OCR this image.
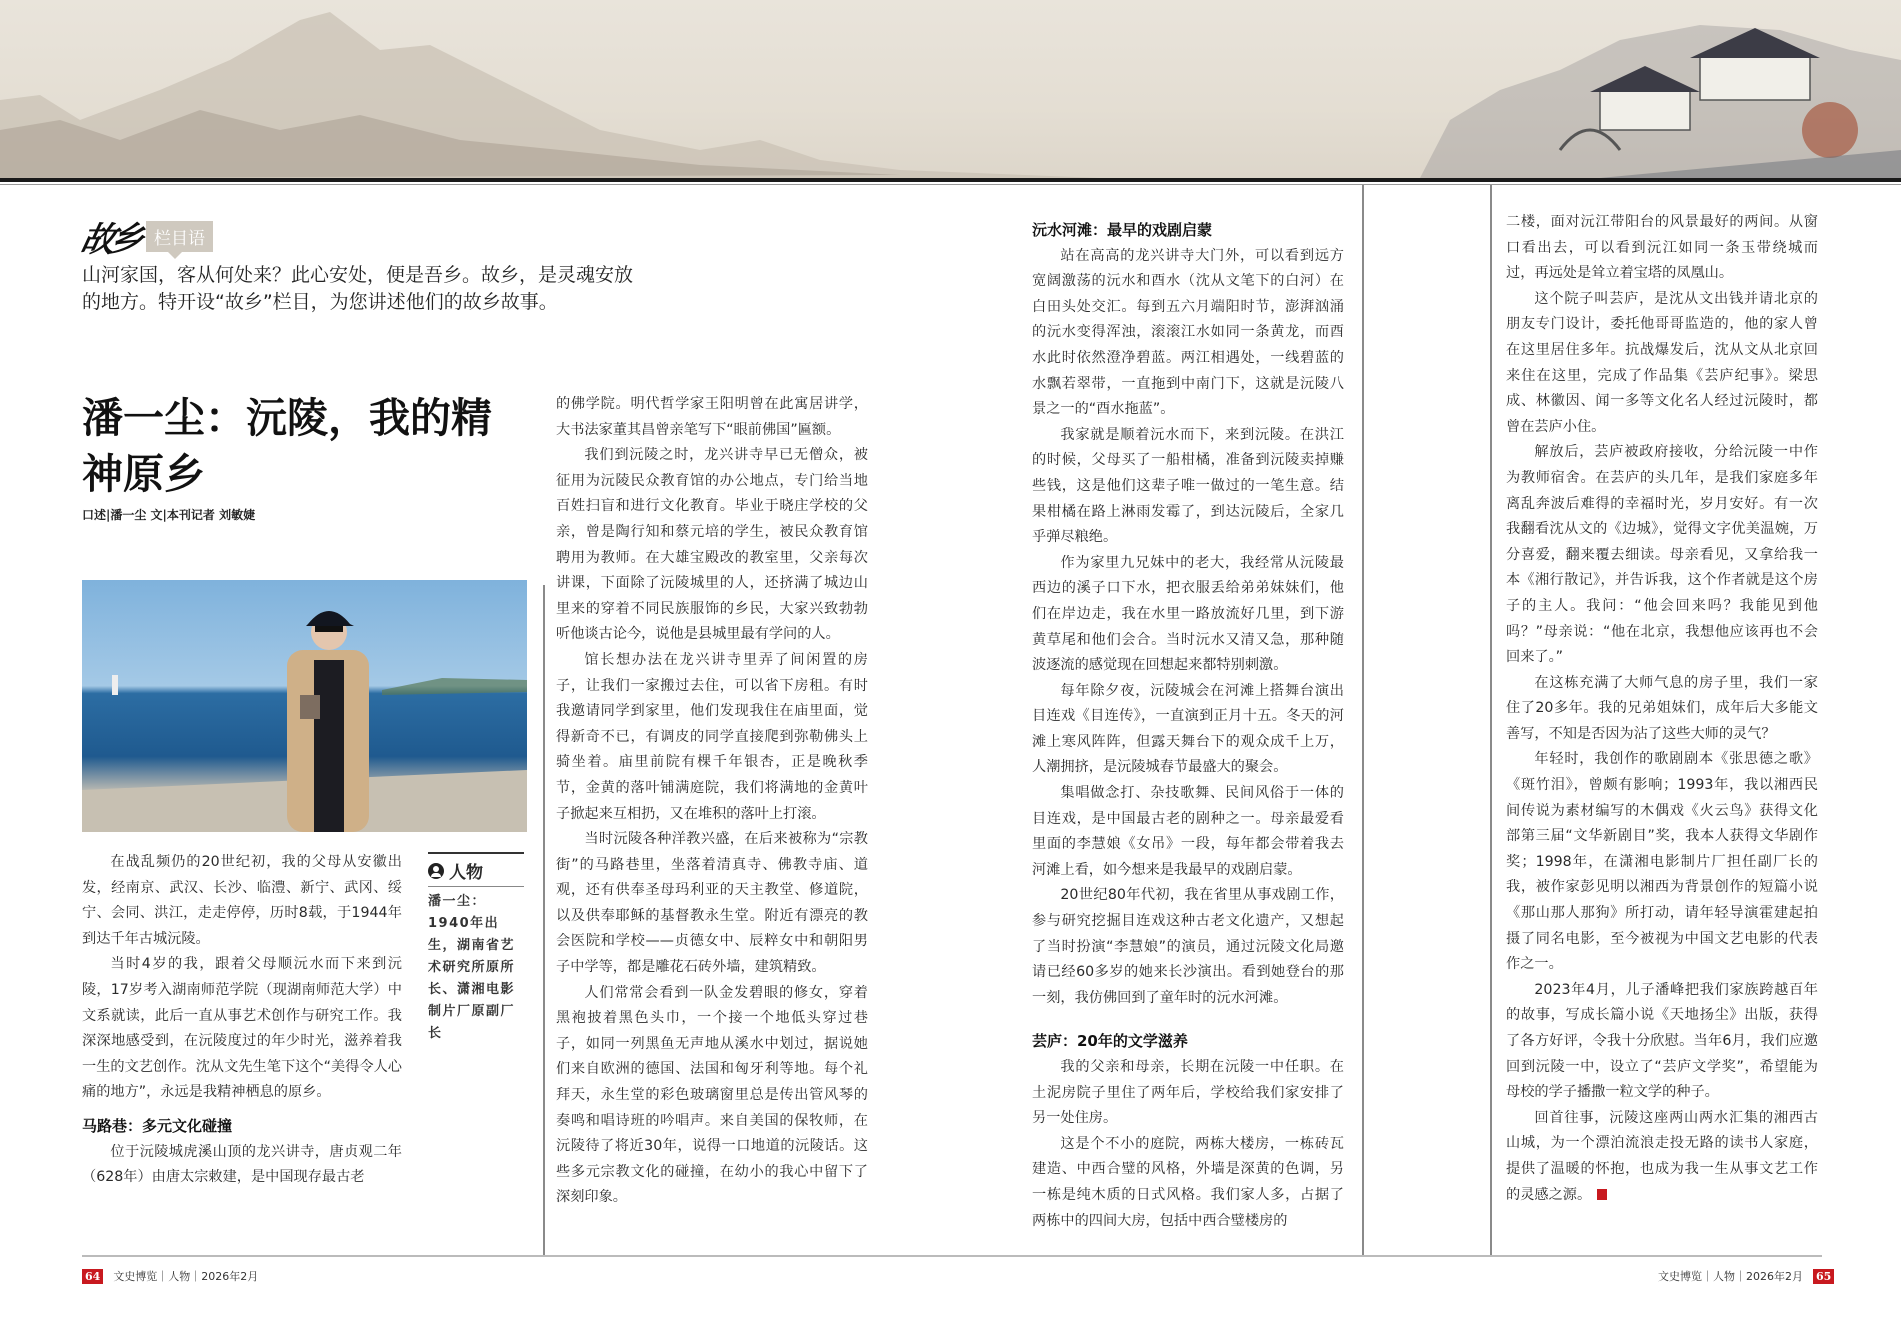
故乡 栏目语
山河家国，客从何处来？此心安处，便是吾乡。故乡，是灵魂安放的地方。特开设“故乡”栏目，为您讲述他们的故乡故事。
潘一尘：沅陵，我的精神原乡
口述|潘一尘 文|本刊记者 刘敏婕
人物
潘一尘：1940年出生，湖南省艺术研究所原所长、潇湘电影制片厂原副厂长

在战乱频仍的20世纪初，我的父母从安徽出发，经南京、武汉、长沙、临澧、新宁、武冈、绥宁、会同、洪江，走走停停，历时8载，于1944年到达千年古城沅陵。

当时4岁的我，跟着父母顺沅水而下来到沅陵，17岁考入湖南师范学院（现湖南师范大学）中文系就读，此后一直从事艺术创作与研究工作。我深深地感受到，在沅陵度过的年少时光，滋养着我一生的文艺创作。沈从文先生笔下这个“美得令人心痛的地方”，永远是我精神栖息的原乡。

马路巷：多元文化碰撞

位于沅陵城虎溪山顶的龙兴讲寺，唐贞观二年（628年）由唐太宗敕建，是中国现存最古老

的佛学院。明代哲学家王阳明曾在此寓居讲学，大书法家董其昌曾亲笔写下“眼前佛国”匾额。

我们到沅陵之时，龙兴讲寺早已无僧众，被征用为沅陵民众教育馆的办公地点，专门给当地百姓扫盲和进行文化教育。毕业于晓庄学校的父亲，曾是陶行知和蔡元培的学生，被民众教育馆聘用为教师。在大雄宝殿改的教室里，父亲每次讲课，下面除了沅陵城里的人，还挤满了城边山里来的穿着不同民族服饰的乡民，大家兴致勃勃听他谈古论今，说他是县城里最有学问的人。

馆长想办法在龙兴讲寺里弄了间闲置的房子，让我们一家搬过去住，可以省下房租。有时我邀请同学到家里，他们发现我住在庙里面，觉得新奇不已，有调皮的同学直接爬到弥勒佛头上骑坐着。庙里前院有棵千年银杏，正是晚秋季节，金黄的落叶铺满庭院，我们将满地的金黄叶子掀起来互相扔，又在堆积的落叶上打滚。

当时沅陵各种洋教兴盛，在后来被称为“宗教街”的马路巷里，坐落着清真寺、佛教寺庙、道观，还有供奉圣母玛利亚的天主教堂、修道院，以及供奉耶稣的基督教永生堂。附近有漂亮的教会医院和学校——贞德女中、辰粹女中和朝阳男子中学等，都是雕花石砖外墙，建筑精致。

人们常常会看到一队金发碧眼的修女，穿着黑袍披着黑色头巾，一个接一个地低头穿过巷子，如同一列黑鱼无声地从溪水中划过，据说她们来自欧洲的德国、法国和匈牙利等地。每个礼拜天，永生堂的彩色玻璃窗里总是传出管风琴的奏鸣和唱诗班的吟唱声。来自美国的保牧师，在沅陵待了将近30年，说得一口地道的沅陵话。这些多元宗教文化的碰撞，在幼小的我心中留下了深刻印象。

沅水河滩：最早的戏剧启蒙

站在高高的龙兴讲寺大门外，可以看到远方宽阔激荡的沅水和酉水（沈从文笔下的白河）在白田头处交汇。每到五六月端阳时节，澎湃汹涌的沅水变得浑浊，滚滚江水如同一条黄龙，而酉水此时依然澄净碧蓝。两江相遇处，一线碧蓝的水飘若翠带，一直拖到中南门下，这就是沅陵八景之一的“酉水拖蓝”。

我家就是顺着沅水而下，来到沅陵。在洪江的时候，父母买了一船柑橘，准备到沅陵卖掉赚些钱，这是他们这辈子唯一做过的一笔生意。结果柑橘在路上淋雨发霉了，到达沅陵后，全家几乎弹尽粮绝。

作为家里九兄妹中的老大，我经常从沅陵最西边的溪子口下水，把衣服丢给弟弟妹妹们，他们在岸边走，我在水里一路放流好几里，到下游黄草尾和他们会合。当时沅水又清又急，那种随波逐流的感觉现在回想起来都特别刺激。

每年除夕夜，沅陵城会在河滩上搭舞台演出目连戏《目连传》，一直演到正月十五。冬天的河滩上寒风阵阵，但露天舞台下的观众成千上万，人潮拥挤，是沅陵城春节最盛大的聚会。

集唱做念打、杂技歌舞、民间风俗于一体的目连戏，是中国最古老的剧种之一。母亲最爱看里面的李慧娘《女吊》一段，每年都会带着我去河滩上看，如今想来是我最早的戏剧启蒙。

20世纪80年代初，我在省里从事戏剧工作，参与研究挖掘目连戏这种古老文化遗产，又想起了当时扮演“李慧娘”的演员，通过沅陵文化局邀请已经60多岁的她来长沙演出。看到她登台的那一刻，我仿佛回到了童年时的沅水河滩。

芸庐：20年的文学滋养

我的父亲和母亲，长期在沅陵一中任职。在土泥房院子里住了两年后，学校给我们家安排了另一处住房。

这是个不小的庭院，两栋大楼房，一栋砖瓦建造、中西合璧的风格，外墙是深黄的色调，另一栋是纯木质的日式风格。我们家人多，占据了两栋中的四间大房，包括中西合璧楼房的

二楼，面对沅江带阳台的风景最好的两间。从窗口看出去，可以看到沅江如同一条玉带绕城而过，再远处是耸立着宝塔的凤凰山。

这个院子叫芸庐，是沈从文出钱并请北京的朋友专门设计，委托他哥哥监造的，他的家人曾在这里居住多年。抗战爆发后，沈从文从北京回来住在这里，完成了作品集《芸庐纪事》。梁思成、林徽因、闻一多等文化名人经过沅陵时，都曾在芸庐小住。

解放后，芸庐被政府接收，分给沅陵一中作为教师宿舍。在芸庐的头几年，是我们家庭多年离乱奔波后难得的幸福时光，岁月安好。有一次我翻看沈从文的《边城》，觉得文字优美温婉，万分喜爱，翻来覆去细读。母亲看见，又拿给我一本《湘行散记》，并告诉我，这个作者就是这个房子的主人。我问：“他会回来吗？我能见到他吗？”母亲说：“他在北京，我想他应该再也不会回来了。”

在这栋充满了大师气息的房子里，我们一家住了20多年。我的兄弟姐妹们，成年后大多能文善写，不知是否因为沾了这些大师的灵气？

年轻时，我创作的歌剧剧本《张思德之歌》《斑竹泪》，曾颇有影响；1993年，我以湘西民间传说为素材编写的木偶戏《火云鸟》获得文化部第三届“文华新剧目”奖，我本人获得文华剧作奖；1998年，在潇湘电影制片厂担任副厂长的我，被作家彭见明以湘西为背景创作的短篇小说《那山那人那狗》所打动，请年轻导演霍建起拍摄了同名电影，至今被视为中国文艺电影的代表作之一。

2023年4月，儿子潘峰把我们家族跨越百年的故事，写成长篇小说《天地扬尘》出版，获得了各方好评，令我十分欣慰。当年6月，我们应邀回到沅陵一中，设立了“芸庐文学奖”，希望能为母校的学子播撒一粒文学的种子。

回首往事，沅陵这座两山两水汇集的湘西古山城，为一个漂泊流浪走投无路的读书人家庭，提供了温暖的怀抱，也成为我一生从事文艺工作的灵感之源。

64 文史博览｜人物｜2026年2月	文史博览｜人物｜2026年2月 65
